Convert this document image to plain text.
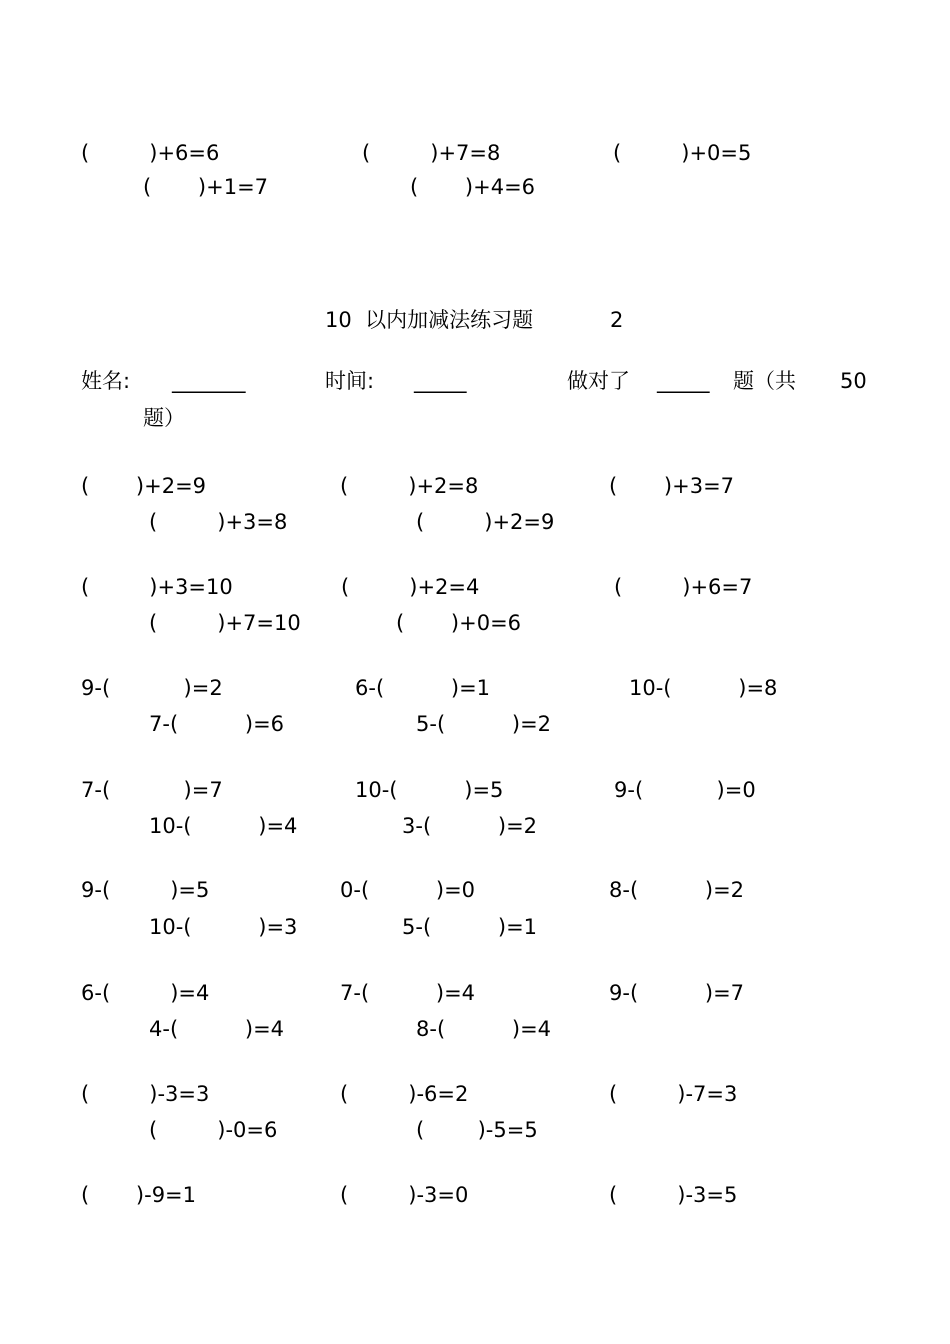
(         )+6=6	(         )+7=8	(         )+0=5
(       )+1=7	(       )+4=6
10  以内加减法练习题	2
姓名: _______	时间: _____	做对了 _____ 题（共 50
题）
(       )+2=9	(         )+2=8	(       )+3=7
(         )+3=8	(         )+2=9
(         )+3=10	(         )+2=4	(         )+6=7
(         )+7=10	(       )+0=6
9-(           )=2	6-(          )=1	10-(          )=8
7-(          )=6	5-(          )=2
7-(           )=7	10-(          )=5	9-(           )=0
10-(          )=4	3-(          )=2
9-(         )=5	0-(          )=0	8-(          )=2
10-(          )=3	5-(          )=1
6-(         )=4	7-(          )=4	9-(          )=7
4-(          )=4	8-(          )=4
(         )-3=3	(         )-6=2	(         )-7=3
(         )-0=6	(        )-5=5
(       )-9=1	(         )-3=0	(         )-3=5
